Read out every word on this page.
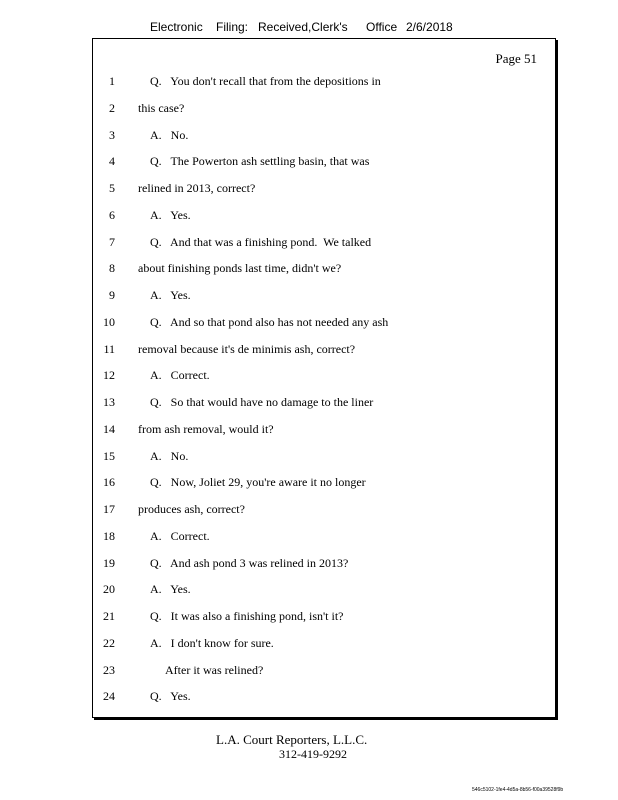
Electronic Filing: Received,Clerk's Office 2/6/2018
Page 51
1	Q.   You don't recall that from the depositions in
2 this case?
3	A.   No.
4	Q.   The Powerton ash settling basin, that was
5 relined in 2013, correct?
6	A.   Yes.
7	Q.   And that was a finishing pond.  We talked
8 about finishing ponds last time, didn't we?
9	A.   Yes.
10	Q.   And so that pond also has not needed any ash
11 removal because it's de minimis ash, correct?
12	A.   Correct.
13	Q.   So that would have no damage to the liner
14 from ash removal, would it?
15	A.   No.
16	Q.   Now, Joliet 29, you're aware it no longer
17 produces ash, correct?
18	A.   Correct.
19	Q.   And ash pond 3 was relined in 2013?
20	A.   Yes.
21	Q.   It was also a finishing pond, isn't it?
22	A.   I don't know for sure.
23	After it was relined?
24	Q.   Yes.
L.A. Court Reporters, L.L.C.
312-419-9292
546c5102-1fe4-4d5a-8b56-f00a39528f9b
